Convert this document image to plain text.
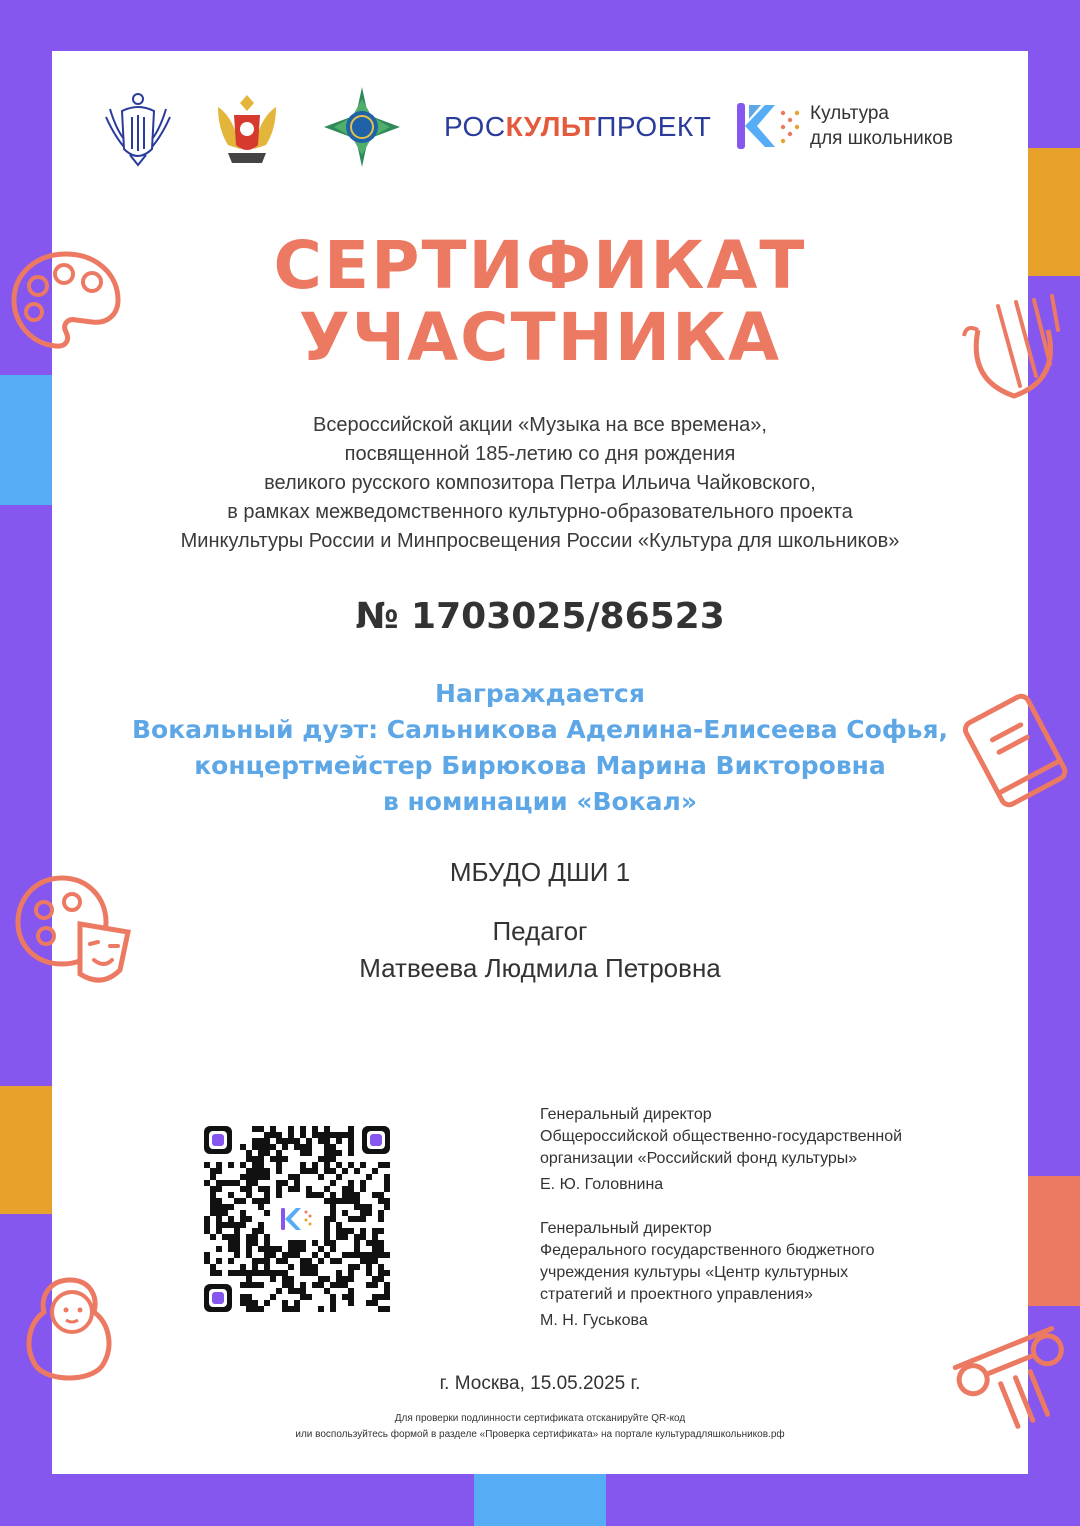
РОСКУЛЬТПРОЕКТ	Культура
для школьников
СЕРТИФИКАТ
УЧАСТНИКА
Всероссийской акции «Музыка на все времена»,
посвященной 185-летию со дня рождения
великого русского композитора Петра Ильича Чайковского,
в рамках межведомственного культурно-образовательного проекта
Минкультуры России и Минпросвещения России «Культура для школьников»
№ 1703025/86523
Награждается
Вокальный дуэт: Сальникова Аделина-Елисеева Софья,
концертмейстер Бирюкова Марина Викторовна
в номинации «Вокал»
МБУДО ДШИ 1
Педагог
Матвеева Людмила Петровна
Генеральный директор
Общероссийской общественно-государственной
организации «Российский фонд культуры»
Е. Ю. Головнина
Генеральный директор
Федерального государственного бюджетного
учреждения культуры «Центр культурных
стратегий и проектного управления»
М. Н. Гуськова
г. Москва, 15.05.2025 г.
Для проверки подлинности сертификата отсканируйте QR-код
или воспользуйтесь формой в разделе «Проверка сертификата» на портале культурадляшкольников.рф
